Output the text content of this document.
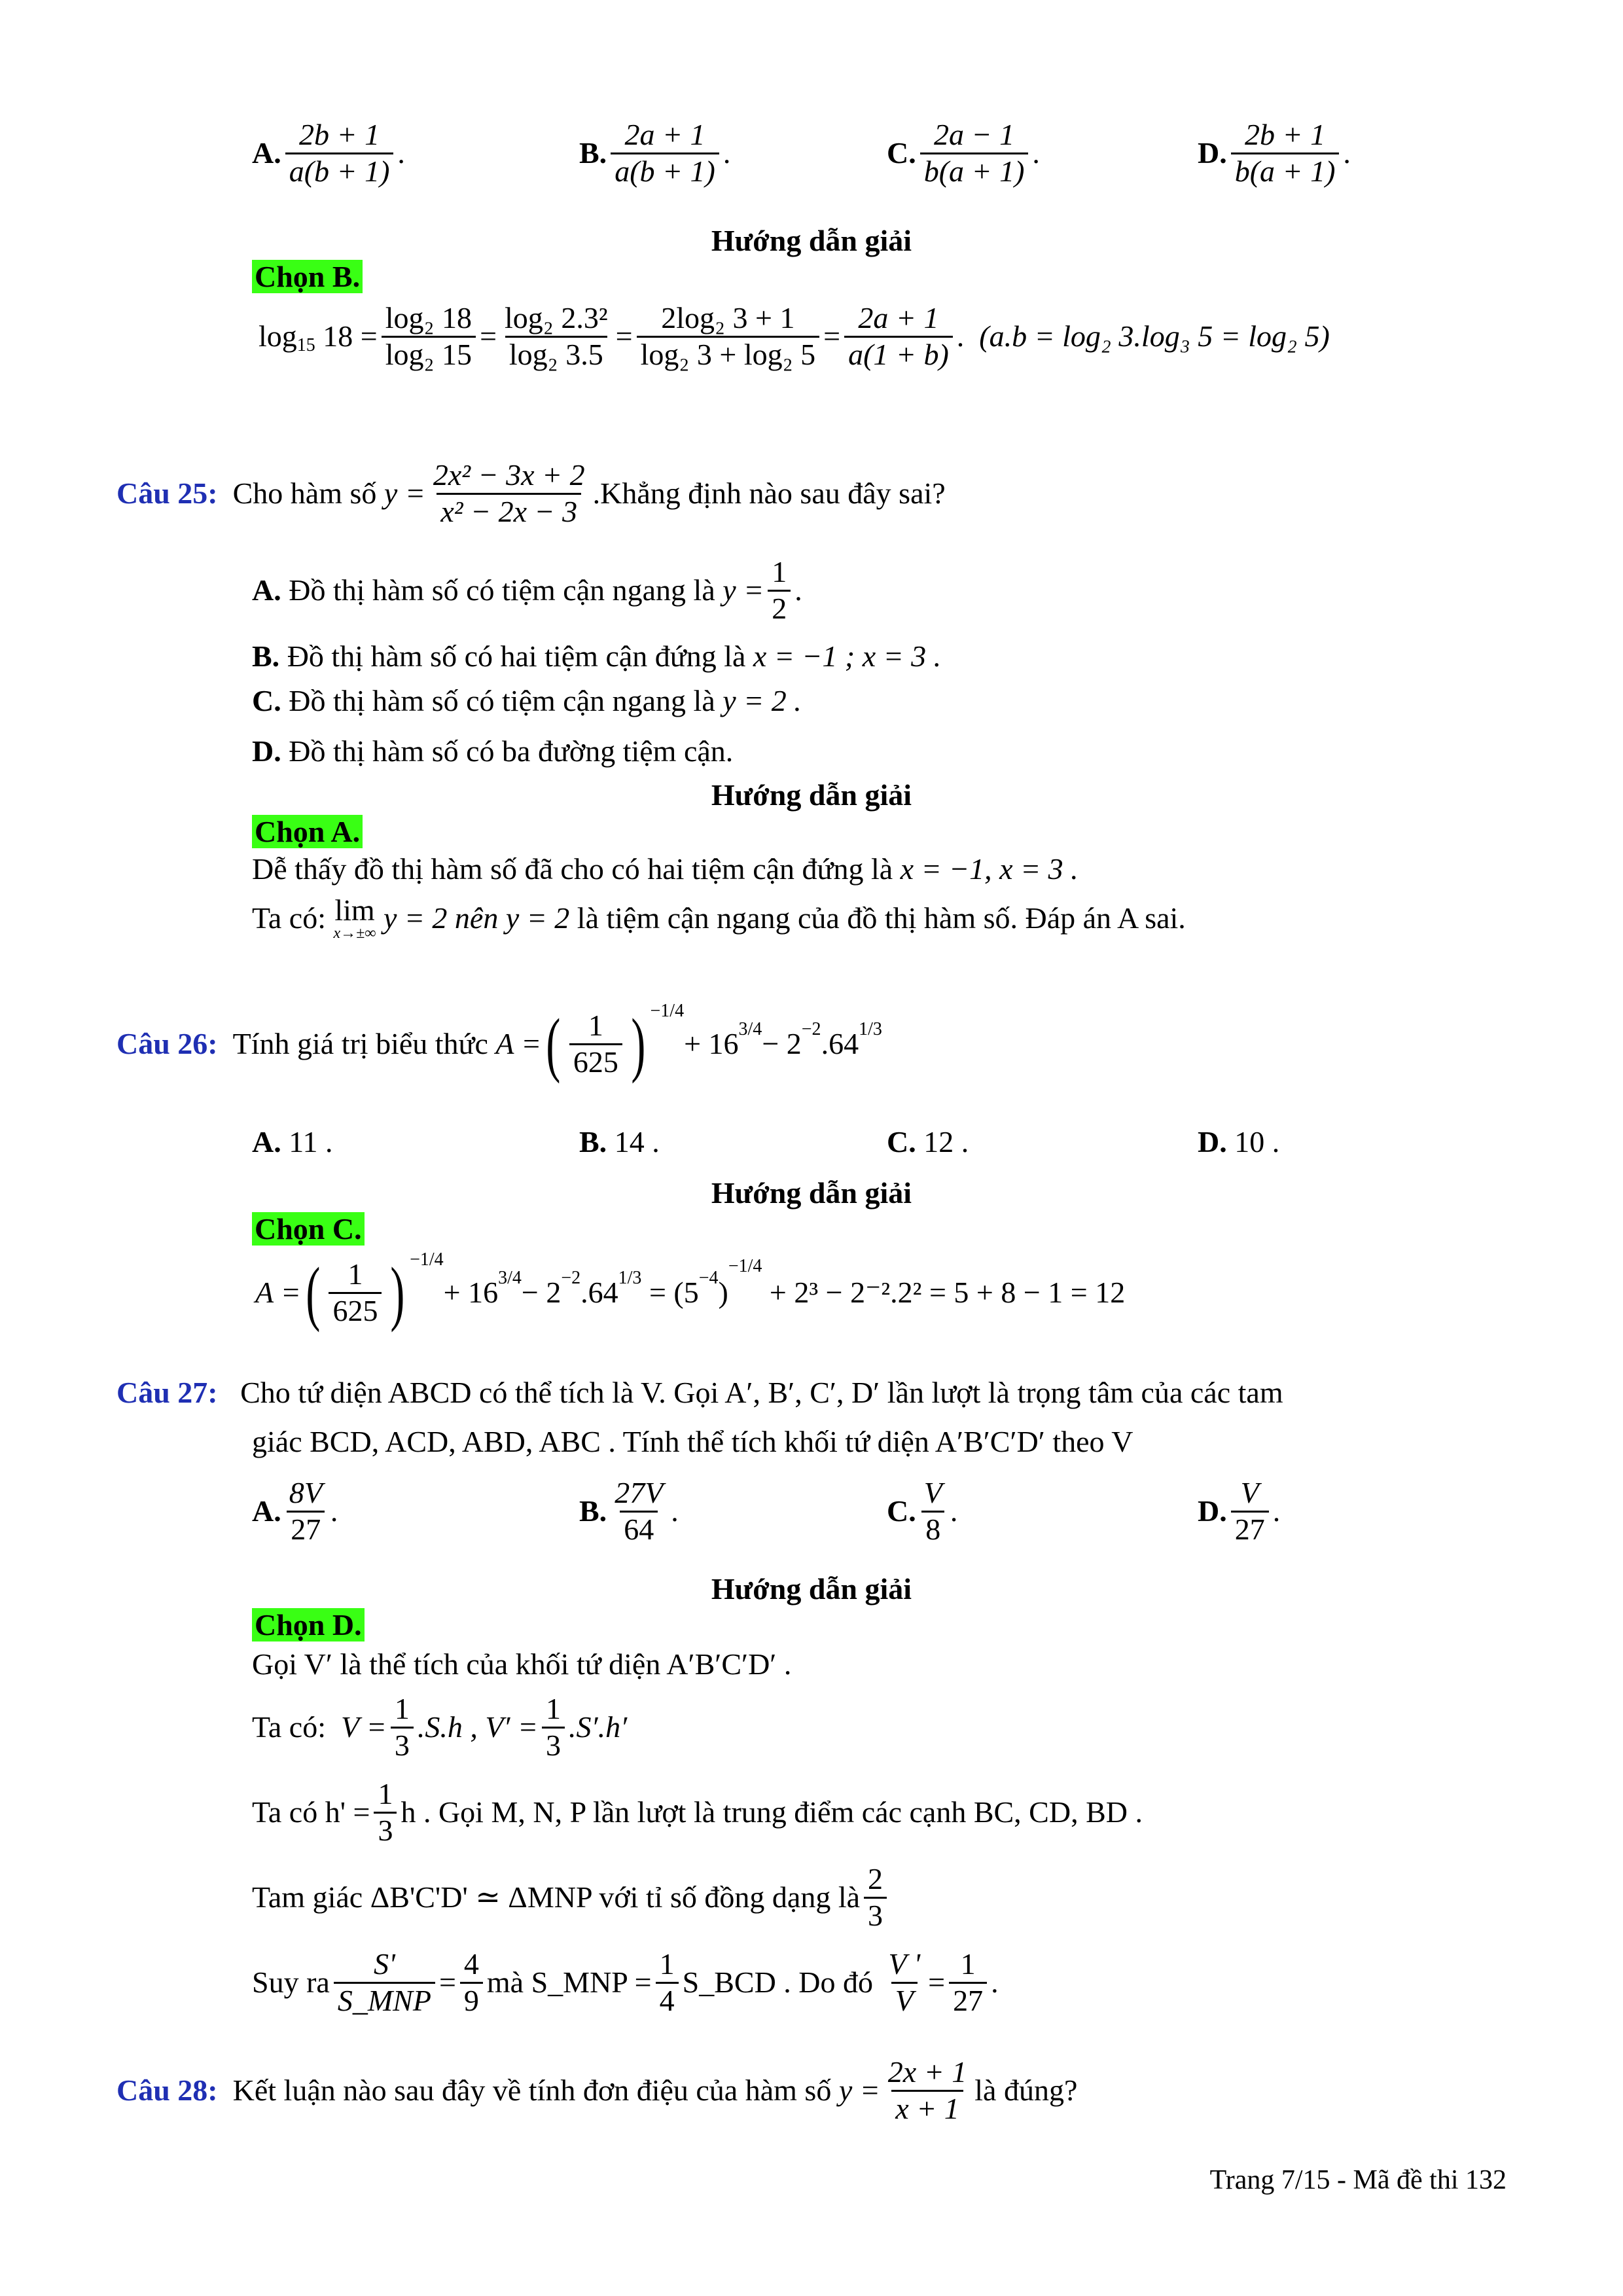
A. $\frac{2b + 1}{a(b + 1)}$ .	B. $\frac{2a + 1}{a(b + 1)}$ .	C. $\frac{2a - 1}{b(a + 1)}$ .	D. $\frac{2b + 1}{b(a + 1)}$ .
Hướng dẫn giải
Chọn B.
$\log_{15}$
$18 = \frac{\text{log₂ 18}}{\text{log₂ 15}} = \frac{\text{log₂ 2.3²}}{\text{log₂ 3.5}} = \frac{\text{2log₂ 3 + 1}}{\text{log₂ 3 + log₂ 5}} = \frac{2a + 1}{a(1 + b)}$ . (a.b = log₂ 3.log₃ 5 = log₂ 5)
Câu 25:
Cho hàm số
$y = \frac{\text{2x² − 3x + 2}}{\text{x² − 2x − 3}}$ .Khẳng định nào sau đây sai?
A.
Đồ thị hàm số có tiệm cận ngang là
$y = \frac{1}{2}$ .
B. Đồ thị hàm số có hai tiệm cận đứng là x = −1 ; x = 3 .
C. Đồ thị hàm số có tiệm cận ngang là y = 2 .
D. Đồ thị hàm số có ba đường tiệm cận.
Hướng dẫn giải
Chọn A.
Dễ thấy đồ thị hàm số đã cho có hai tiệm cận đứng là x = −1, x = 3 .
Ta có:
lim
x→±∞
y = 2 nên y = 2
là tiệm cận ngang của đồ thị hàm số. Đáp án A sai.
Câu 26:
Tính giá trị biểu thức
A = ( $\frac{1}{625}$ ) $^{-1/4}$
+ $16^{3/4} - 2^{-2}$ $.64^{1/3}$
A. 11 .	B. 14 .	C. 12 .	D. 10 .
Hướng dẫn giải
Chọn C.
A = ( $\frac{1}{625}$ ) $^{-1/4}$
+ $16^{3/4} - 2^{-2}$ $.64^{1/3}$
= ($5^{-4}$ )
$^{-1/4}$

+ 2³ − 2⁻².2² = 5 + 8 − 1 = 12
Câu 27: Cho tứ diện ABCD có thể tích là V. Gọi A′, B′, C′, D′ lần lượt là trọng tâm của các tam
giác BCD, ACD, ABD, ABC . Tính thể tích khối tứ diện A′B′C′D′ theo V
A. $\frac{8V}{27}$ .	B. $\frac{27V}{64}$ .	C. $\frac{V}{8}$ .	D. $\frac{V}{27}$ .
Hướng dẫn giải
Chọn D.
Gọi V′ là thể tích của khối tứ diện A′B′C′D′ .
Ta có:
$V = \frac{1}{3} .S.h$ ,
$V' = \frac{1}{3} .S'.h'$
Ta có $h' = \frac{1}{3}$ h . Gọi M, N, P lần lượt là trung điểm các cạnh BC, CD, BD .
Tam giác ΔB'C'D' ≃ ΔMNP với tỉ số đồng dạng là $\frac{2}{3}$
Suy ra $\frac{S'}{\text{S\_MNP}} = \frac{4}{9}$ mà S_MNP = $\frac{1}{4}$ S_BCD . Do đó
$\frac{V '}{V} = \frac{1}{27}$ .
Câu 28:
Kết luận nào sau đây về tính đơn điệu của hàm số
$y = \frac{2x + 1}{x + 1}$ là đúng?
Trang 7/15 - Mã đề thi 132
